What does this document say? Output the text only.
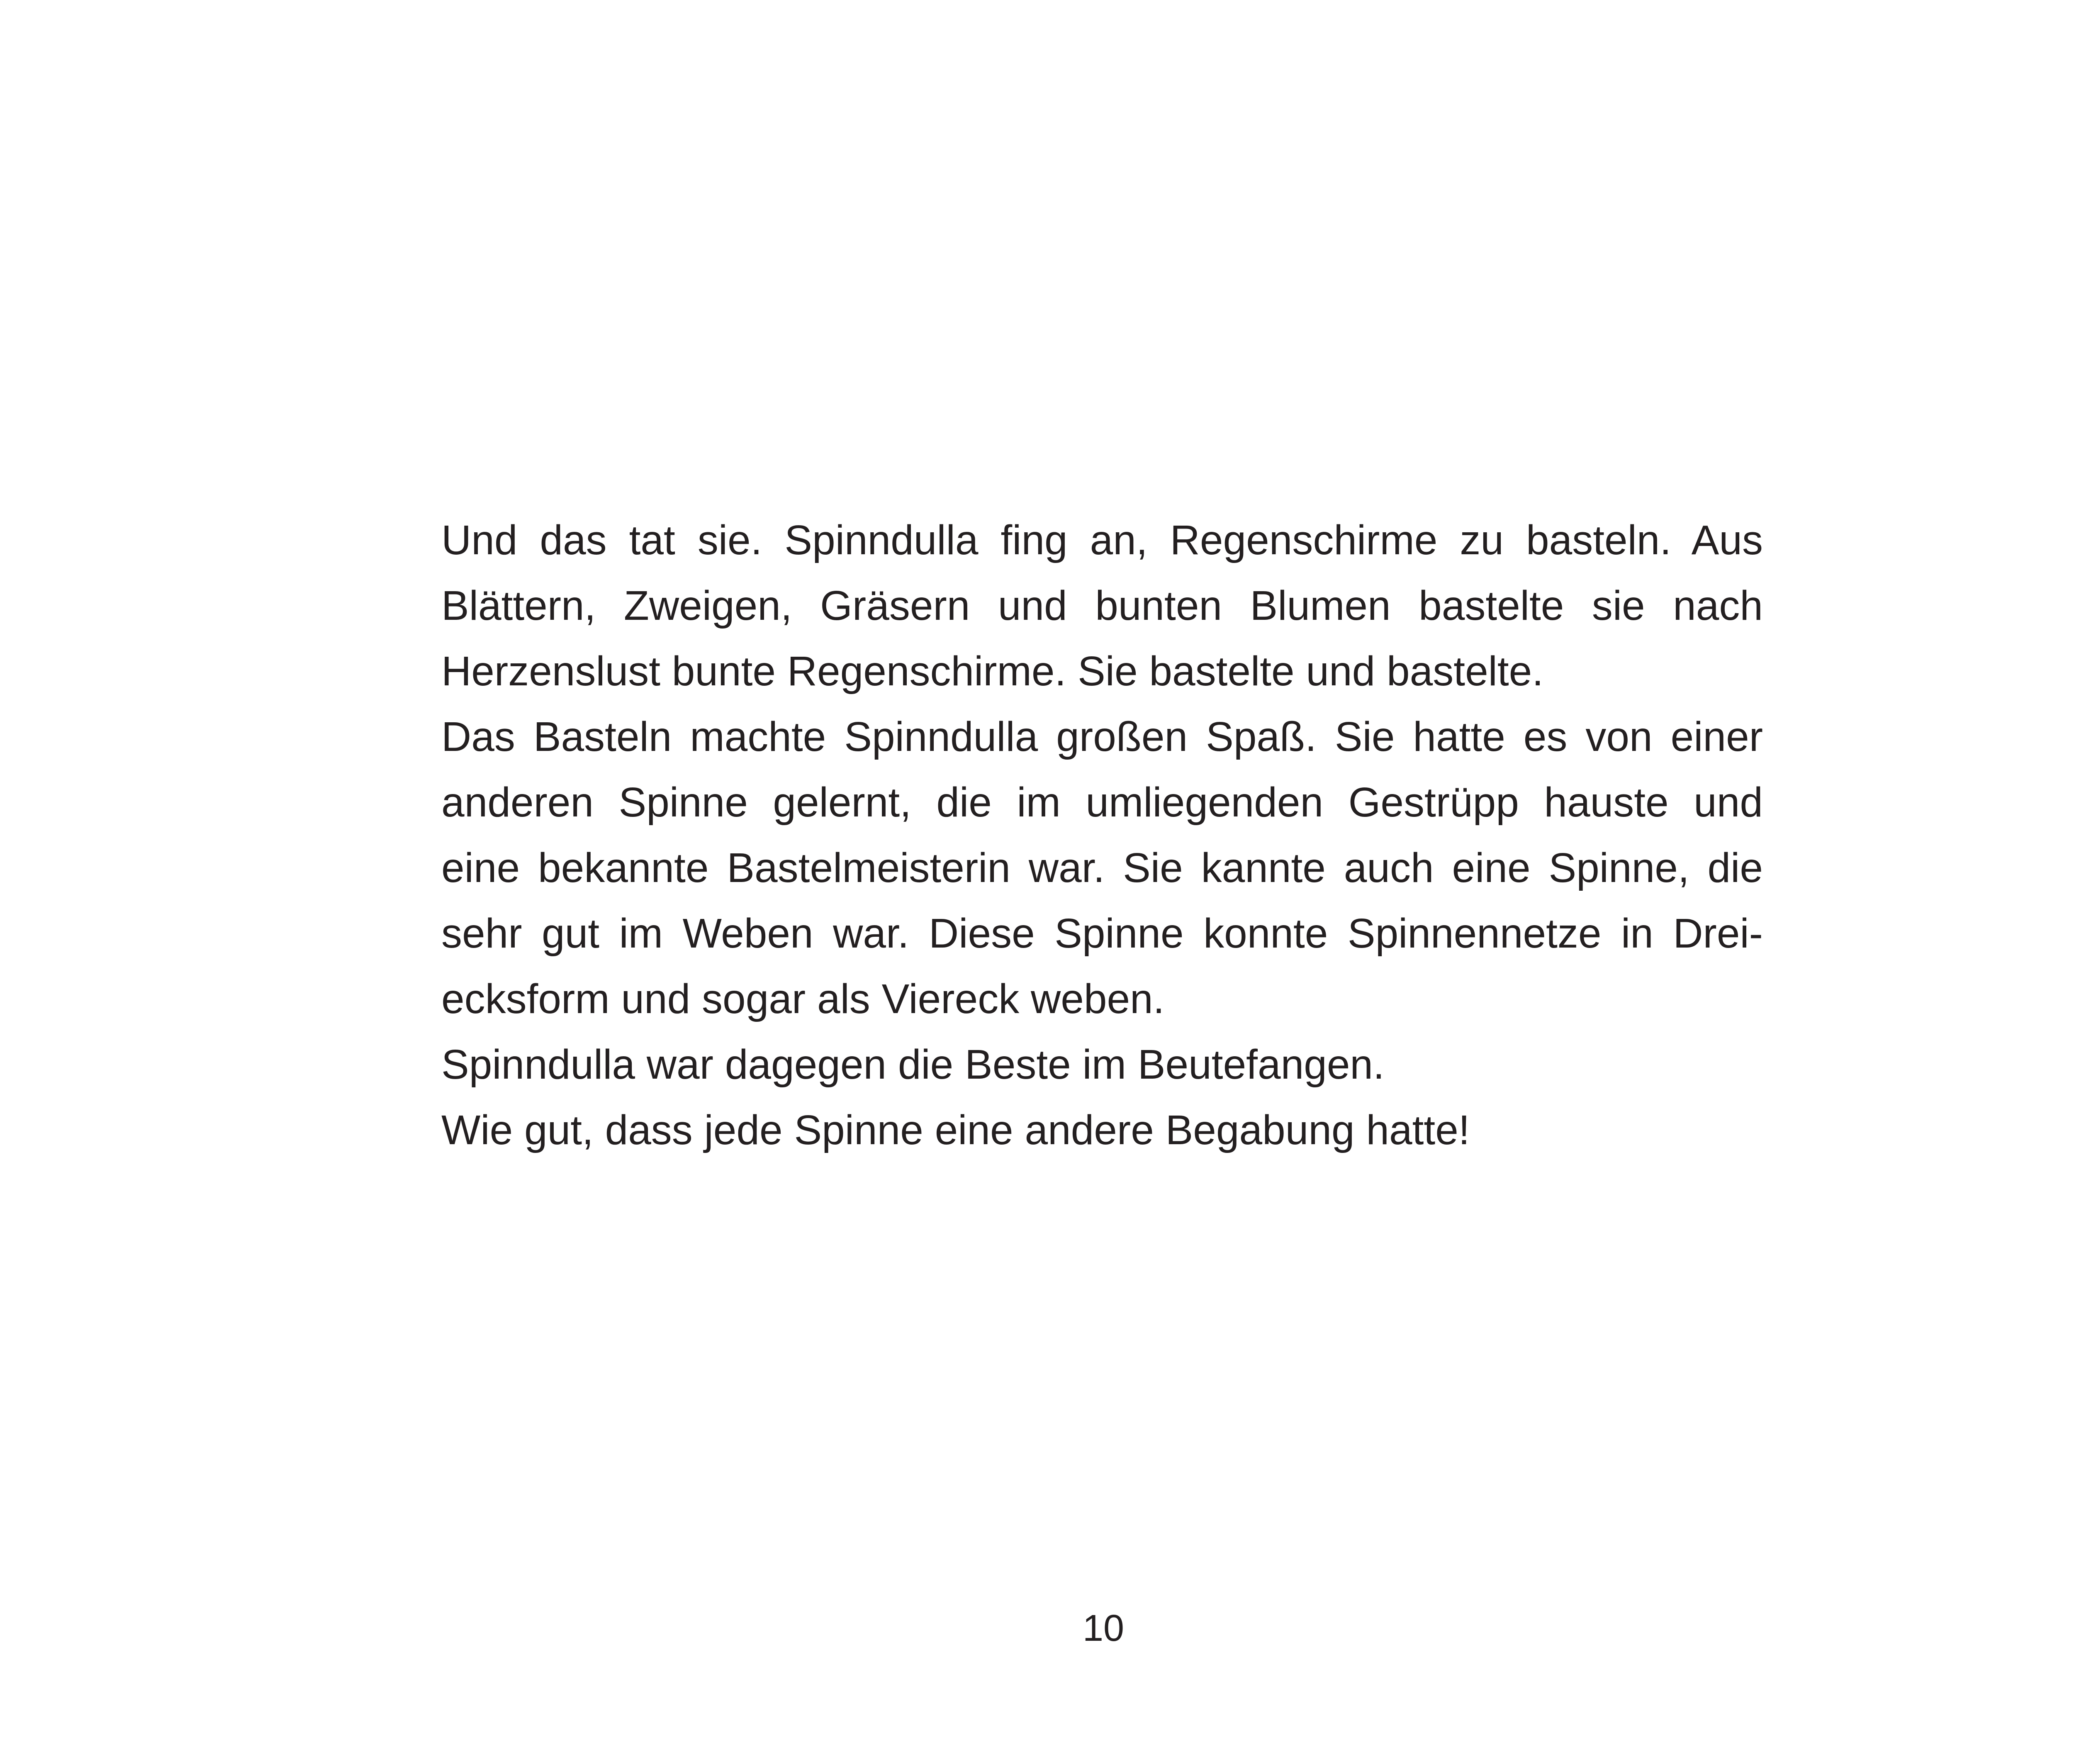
Und das tat sie. Spinndulla fing an, Regenschirme zu basteln. Aus
Blättern, Zweigen, Gräsern und bunten Blumen bastelte sie nach
Herzenslust bunte Regenschirme. Sie bastelte und bastelte.
Das Basteln machte Spinndulla großen Spaß. Sie hatte es von einer
anderen Spinne gelernt, die im umliegenden Gestrüpp hauste und
eine bekannte Bastelmeisterin war. Sie kannte auch eine Spinne, die
sehr gut im Weben war. Diese Spinne konnte Spinnennetze in Drei-
ecksform und sogar als Viereck weben.
Spinndulla war dagegen die Beste im Beutefangen.
Wie gut, dass jede Spinne eine andere Begabung hatte!
10
